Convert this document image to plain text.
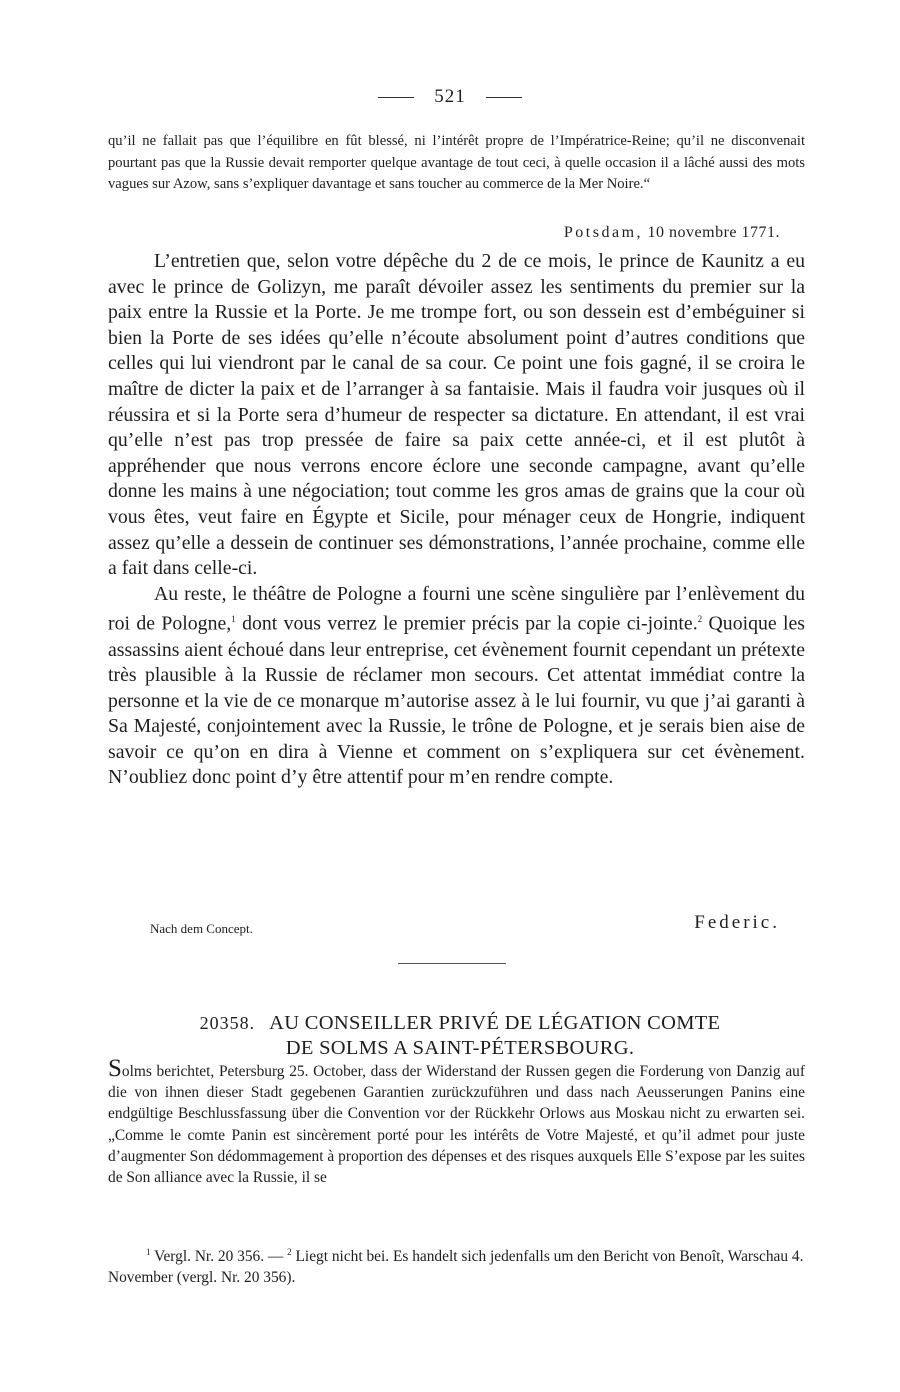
521

qu’il ne fallait pas que l’équilibre en fût blessé, ni l’intérêt propre de l’Impératrice-Reine; qu’il ne disconvenait pourtant pas que la Russie devait remporter quelque avantage de tout ceci, à quelle occasion il a lâché aussi des mots vagues sur Azow, sans s’expliquer davantage et sans toucher au commerce de la Mer Noire.“

Potsdam, 10 novembre 1771.

L’entretien que, selon votre dépêche du 2 de ce mois, le prince de Kaunitz a eu avec le prince de Golizyn, me paraît dévoiler assez les sentiments du premier sur la paix entre la Russie et la Porte. Je me trompe fort, ou son dessein est d’embéguiner si bien la Porte de ses idées qu’elle n’écoute absolument point d’autres conditions que celles qui lui viendront par le canal de sa cour. Ce point une fois gagné, il se croira le maître de dicter la paix et de l’arranger à sa fantaisie. Mais il faudra voir jusques où il réussira et si la Porte sera d’humeur de respecter sa dictature. En attendant, il est vrai qu’elle n’est pas trop pressée de faire sa paix cette année-ci, et il est plutôt à appréhender que nous verrons encore éclore une seconde campagne, avant qu’elle donne les mains à une négociation; tout comme les gros amas de grains que la cour où vous êtes, veut faire en Égypte et Sicile, pour ménager ceux de Hongrie, indiquent assez qu’elle a dessein de continuer ses démonstrations, l’année prochaine, comme elle a fait dans celle-ci.

Au reste, le théâtre de Pologne a fourni une scène singulière par l’enlèvement du roi de Pologne,$^1$ dont vous verrez le premier précis par la copie ci-jointe.$^2$ Quoique les assassins aient échoué dans leur entreprise, cet évènement fournit cependant un prétexte très plausible à la Russie de réclamer mon secours. Cet attentat immédiat contre la personne et la vie de ce monarque m’autorise assez à le lui fournir, vu que j’ai garanti à Sa Majesté, conjointement avec la Russie, le trône de Pologne, et je serais bien aise de savoir ce qu’on en dira à Vienne et comment on s’expliquera sur cet évènement. N’oubliez donc point d’y être attentif pour m’en rendre compte.

Nach dem Concept.	Federic.
20358. AU CONSEILLER PRIVÉ DE LÉGATION COMTE
DE SOLMS A SAINT-PÉTERSBOURG.

Solms berichtet, Petersburg 25. October, dass der Widerstand der Russen gegen die Forderung von Danzig auf die von ihnen dieser Stadt gegebenen Garantien zurückzuführen und dass nach Aeusserungen Panins eine endgültige Beschlussfassung über die Convention vor der Rückkehr Orlows aus Moskau nicht zu erwarten sei. „Comme le comte Panin est sincèrement porté pour les intérêts de Votre Majesté, et qu’il admet pour juste d’augmenter Son dédommagement à proportion des dépenses et des risques auxquels Elle S’expose par les suites de Son alliance avec la Russie, il se

$^1$ Vergl. Nr. 20 356. — $^2$ Liegt nicht bei. Es handelt sich jedenfalls um den Bericht von Benoît, Warschau 4. November (vergl. Nr. 20 356).
